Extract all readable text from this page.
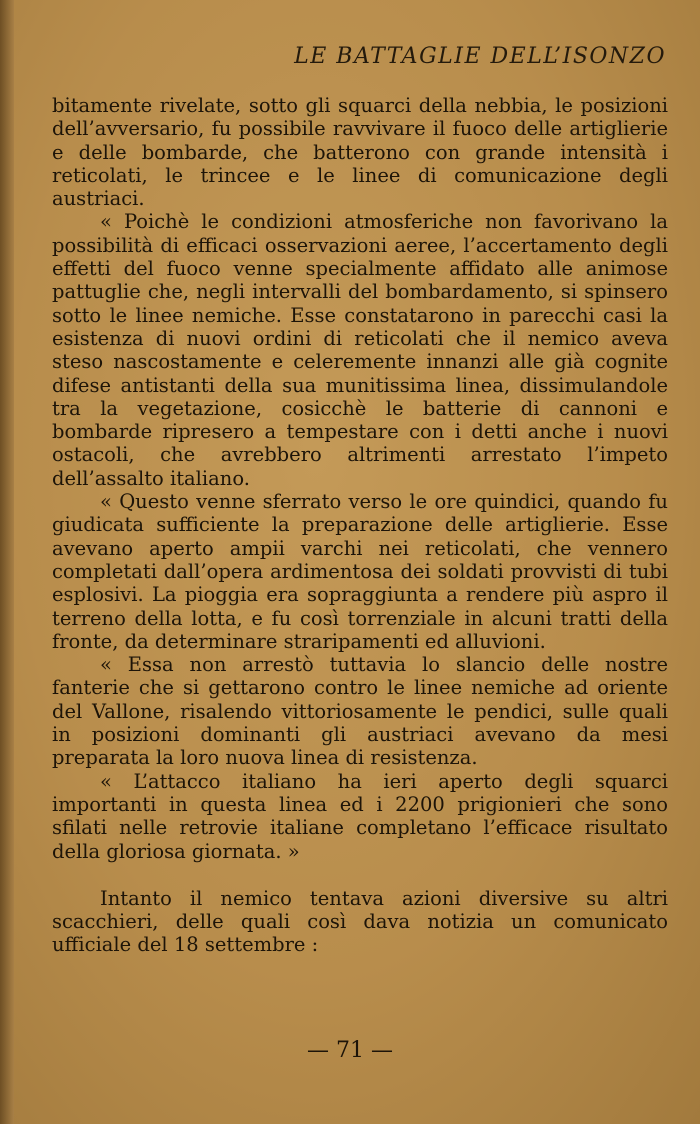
LE BATTAGLIE DELL’ISONZO

bitamente rivelate, sotto gli squarci della nebbia, le posizioni dell’avversario, fu possibile ravvivare il fuoco delle artiglierie e delle bombarde, che batterono con grande intensità i reticolati, le trincee e le linee di comunicazione degli austriaci.

« Poichè le condizioni atmosferiche non favorivano la possibilità di efficaci osservazioni aeree, l’accertamento degli effetti del fuoco venne specialmente affidato alle animose pattuglie che, negli intervalli del bombardamento, si spinsero sotto le linee nemiche. Esse constatarono in parecchi casi la esistenza di nuovi ordini di reticolati che il nemico aveva steso nascostamente e celeremente innanzi alle già cognite difese antistanti della sua munitissima linea, dissimulandole tra la vegetazione, cosicchè le batterie di cannoni e bombarde ripresero a tempestare con i detti anche i nuovi ostacoli, che avrebbero altrimenti arrestato l’impeto dell’assalto italiano.

« Questo venne sferrato verso le ore quindici, quando fu giudicata sufficiente la preparazione delle artiglierie. Esse avevano aperto ampii varchi nei reticolati, che vennero completati dall’opera ardimentosa dei soldati provvisti di tubi esplosivi. La pioggia era sopraggiunta a rendere più aspro il terreno della lotta, e fu così torrenziale in alcuni tratti della fronte, da determinare straripamenti ed alluvioni.

« Essa non arrestò tuttavia lo slancio delle nostre fanterie che si gettarono contro le linee nemiche ad oriente del Vallone, risalendo vittoriosamente le pendici, sulle quali in posizioni dominanti gli austriaci avevano da mesi preparata la loro nuova linea di resistenza.

« L’attacco italiano ha ieri aperto degli squarci importanti in questa linea ed i 2200 prigionieri che sono sfilati nelle retrovie italiane completano l’efficace risultato della gloriosa giornata. »

Intanto il nemico tentava azioni diversive su altri scacchieri, delle quali così dava notizia un comunicato ufficiale del 18 settembre :

— 71 —
